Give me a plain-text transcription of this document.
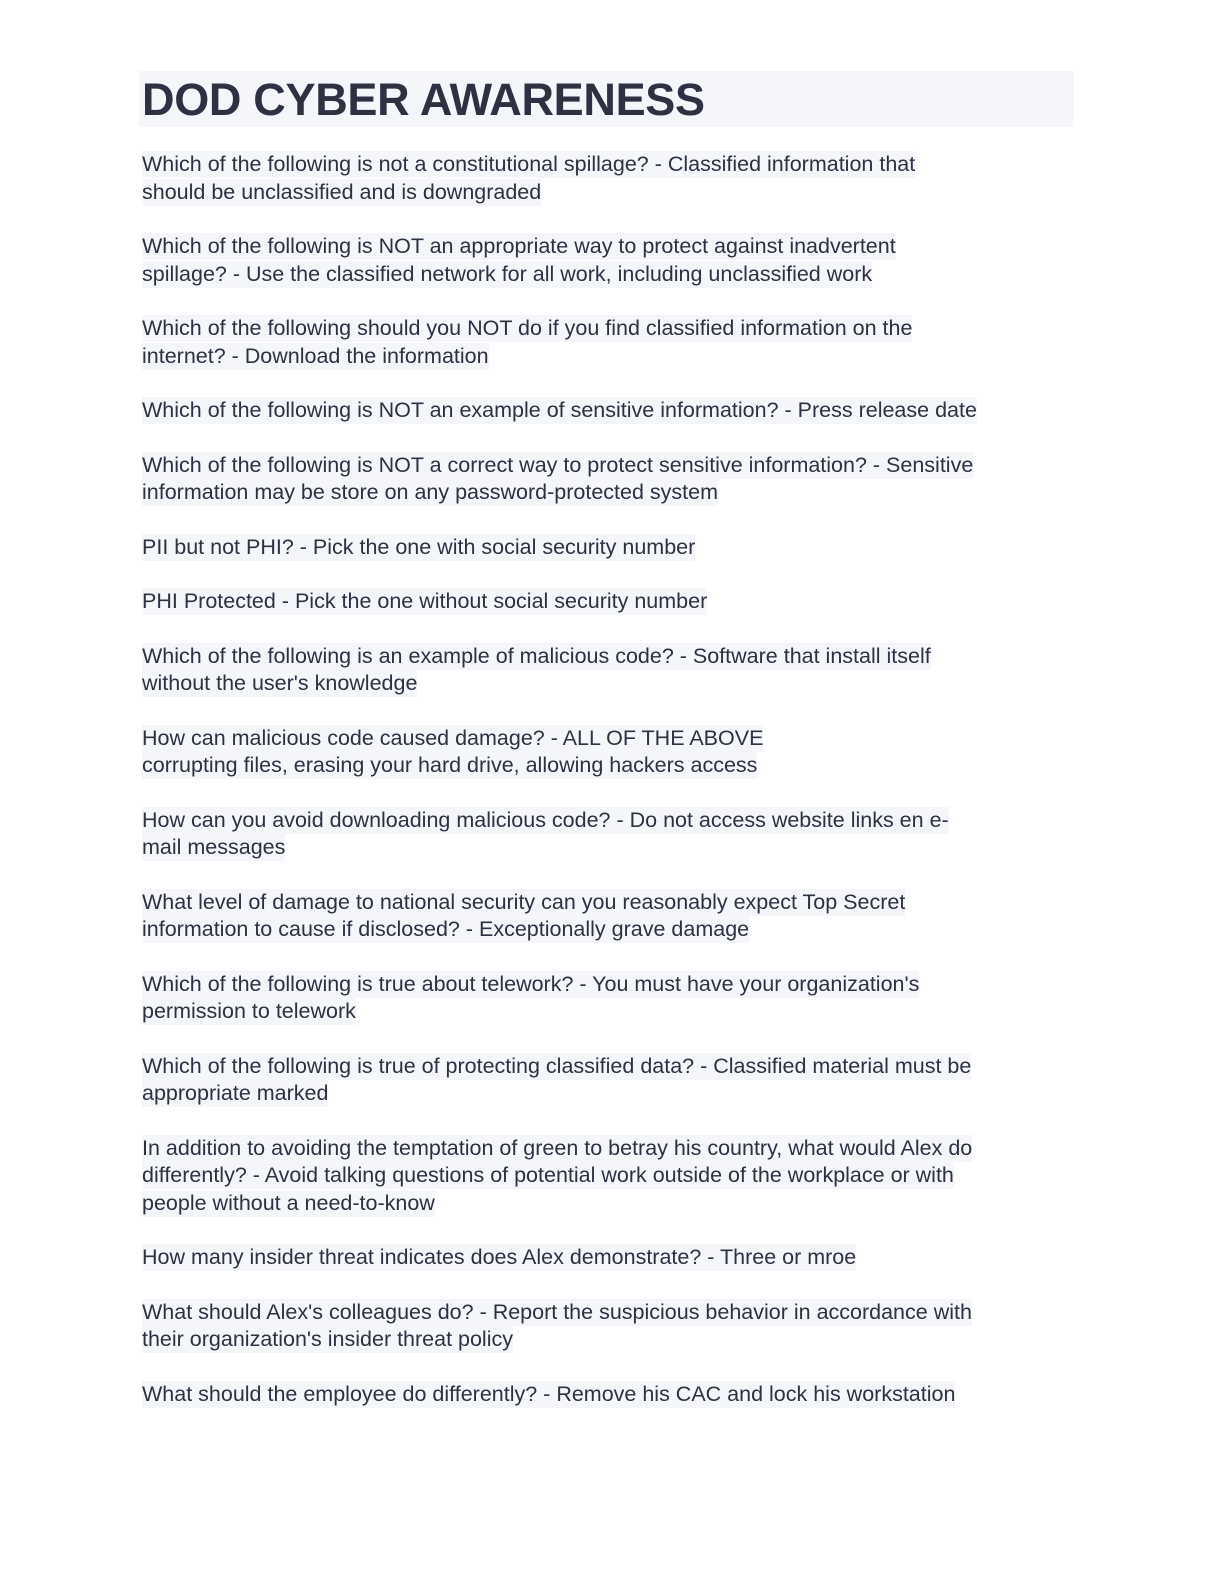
DOD CYBER AWARENESS
Which of the following is not a constitutional spillage? - Classified information that
should be unclassified and is downgraded
Which of the following is NOT an appropriate way to protect against inadvertent
spillage? - Use the classified network for all work, including unclassified work
Which of the following should you NOT do if you find classified information on the
internet? - Download the information
Which of the following is NOT an example of sensitive information? - Press release date
Which of the following is NOT a correct way to protect sensitive information? - Sensitive
information may be store on any password-protected system
PII but not PHI? - Pick the one with social security number
PHI Protected - Pick the one without social security number
Which of the following is an example of malicious code? - Software that install itself
without the user's knowledge
How can malicious code caused damage? - ALL OF THE ABOVE
corrupting files, erasing your hard drive, allowing hackers access
How can you avoid downloading malicious code? - Do not access website links en e-
mail messages
What level of damage to national security can you reasonably expect Top Secret
information to cause if disclosed? - Exceptionally grave damage
Which of the following is true about telework? - You must have your organization's
permission to telework
Which of the following is true of protecting classified data? - Classified material must be
appropriate marked
In addition to avoiding the temptation of green to betray his country, what would Alex do
differently? - Avoid talking questions of potential work outside of the workplace or with
people without a need-to-know
How many insider threat indicates does Alex demonstrate? - Three or mroe
What should Alex's colleagues do? - Report the suspicious behavior in accordance with
their organization's insider threat policy
What should the employee do differently? - Remove his CAC and lock his workstation
